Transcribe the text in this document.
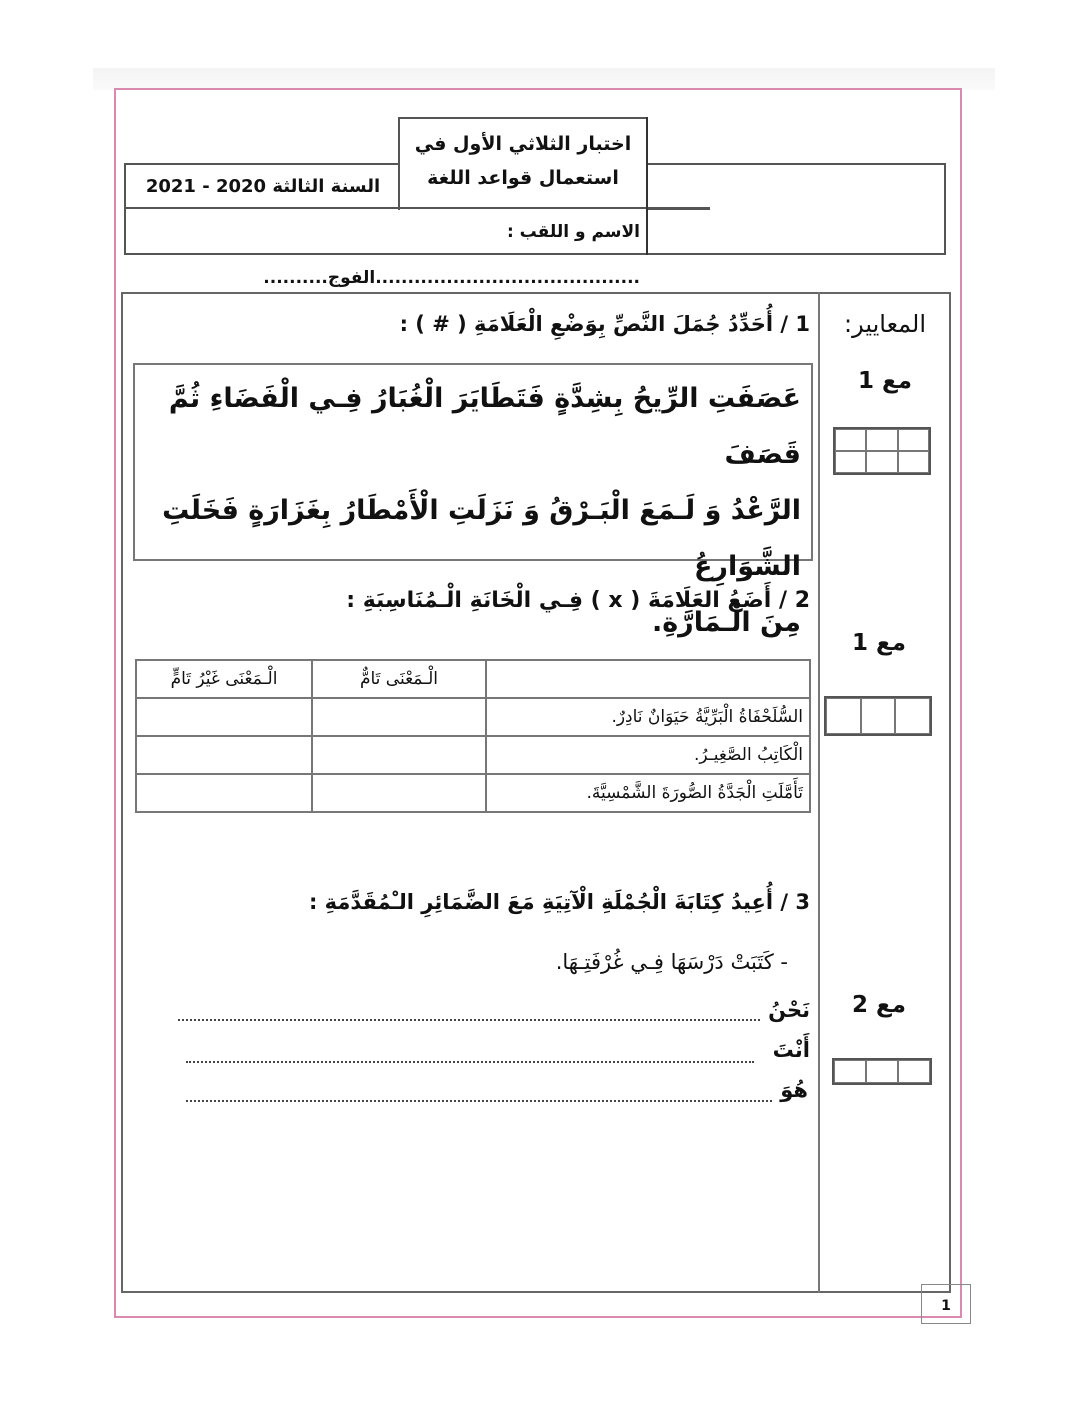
اختبار الثلاثي الأول في
استعمال قواعد اللغة
السنة الثالثة 2020 - 2021
الاسم و اللقب : .........................................الفوج..........
المعايير:
مع 1
مع 1
مع 2
1 / أُحَدِّدُ جُمَلَ النَّصِّ بِوَضْعِ الْعَلَامَةِ ( # ) :
عَصَفَتِ الرِّيحُ بِشِدَّةٍ فَتَطَايَرَ الْغُبَارُ فِـي الْفَضَاءِ ثُمَّ قَصَفَ
الرَّعْدُ وَ لَـمَعَ الْبَـرْقُ وَ نَزَلَتِ الْأَمْطَارُ بِغَزَارَةٍ فَخَلَتِ الشَّوَارِعُ
مِنَ الْـمَارَّةِ.
2 / أَضَعُ العَلَامَةَ ( x ) فِـي الْخَانَةِ الْـمُنَاسِبَةِ :
	الْـمَعْنَى تَامٌّ	الْـمَعْنَى غَيْرُ تَامٍّ
السُّلَحْفَاةُ الْبَرِّيَّةُ حَيَوَانٌ نَادِرٌ.		
الْكَاتِبُ الصَّغِيـرُ.		
تَأَمَّلَتِ الْجَدَّةُ الصُّورَةَ الشَّمْسِيَّةَ.		
3 / أُعِيدُ كِتَابَةَ الْجُمْلَةِ الْآتِيَةِ مَعَ الضَّمَائِرِ الـْمُقَدَّمَةِ :
- كَتَبَتْ دَرْسَهَا فِـي غُرْفَتِـهَا.
نَحْنُ
أَنْتَ
هُوَ
1
